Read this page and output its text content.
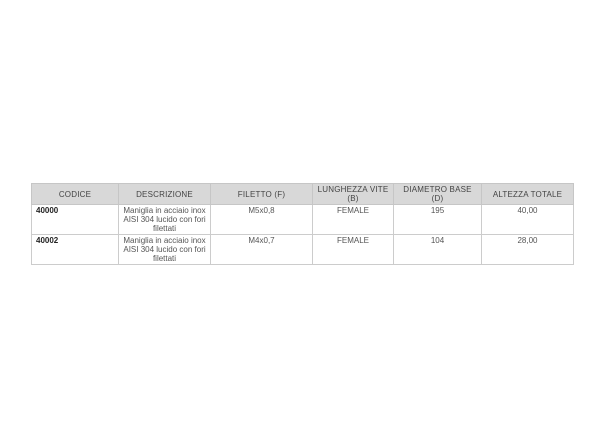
CODICE	DESCRIZIONE	FILETTO (F)	LUNGHEZZA VITE (B)	DIAMETRO BASE (D)	ALTEZZA TOTALE
40000	Maniglia in acciaio inox AISI 304 lucido con fori filettati	M5x0,8	FEMALE	195	40,00
40002	Maniglia in acciaio inox AISI 304 lucido con fori filettati	M4x0,7	FEMALE	104	28,00
